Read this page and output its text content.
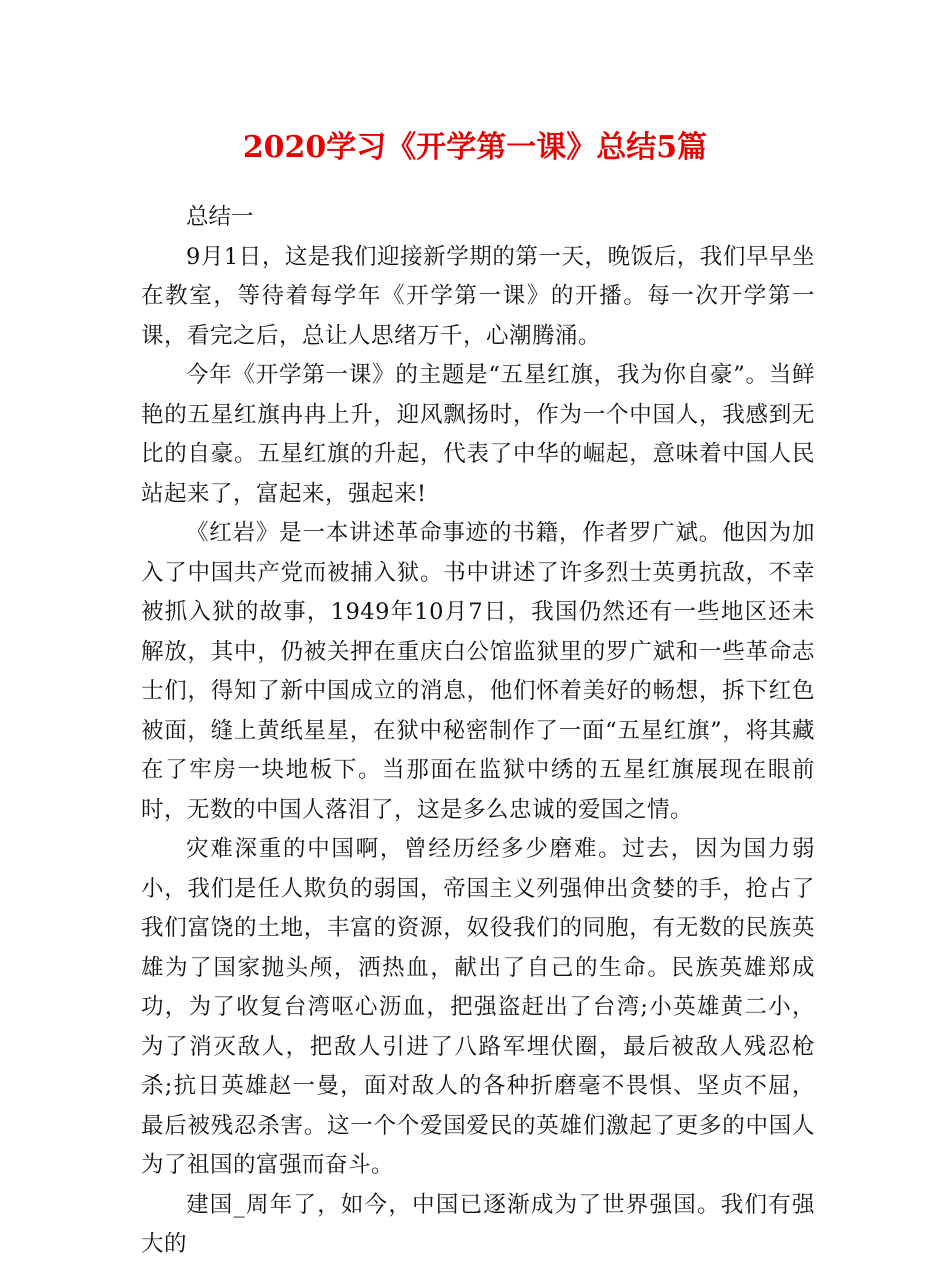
2020学习《开学第一课》总结5篇

总结一

9月1日，这是我们迎接新学期的第一天，晚饭后，我们早早坐在教室，等待着每学年《开学第一课》的开播。每一次开学第一课，看完之后，总让人思绪万千，心潮腾涌。

今年《开学第一课》的主题是“五星红旗，我为你自豪”。当鲜艳的五星红旗冉冉上升，迎风飘扬时，作为一个中国人，我感到无比的自豪。五星红旗的升起，代表了中华的崛起，意味着中国人民站起来了，富起来，强起来!

《红岩》是一本讲述革命事迹的书籍，作者罗广斌。他因为加入了中国共产党而被捕入狱。书中讲述了许多烈士英勇抗敌，不幸被抓入狱的故事，1949年10月7日，我国仍然还有一些地区还未解放，其中，仍被关押在重庆白公馆监狱里的罗广斌和一些革命志士们，得知了新中国成立的消息，他们怀着美好的畅想，拆下红色被面，缝上黄纸星星，在狱中秘密制作了一面“五星红旗”，将其藏在了牢房一块地板下。当那面在监狱中绣的五星红旗展现在眼前时，无数的中国人落泪了，这是多么忠诚的爱国之情。

灾难深重的中国啊，曾经历经多少磨难。过去，因为国力弱小，我们是任人欺负的弱国，帝国主义列强伸出贪婪的手，抢占了我们富饶的土地，丰富的资源，奴役我们的同胞，有无数的民族英雄为了国家抛头颅，洒热血，献出了自己的生命。民族英雄郑成功，为了收复台湾呕心沥血，把强盗赶出了台湾;小英雄黄二小，为了消灭敌人，把敌人引进了八路军埋伏圈，最后被敌人残忍枪杀;抗日英雄赵一曼，面对敌人的各种折磨毫不畏惧、坚贞不屈，最后被残忍杀害。这一个个爱国爱民的英雄们激起了更多的中国人为了祖国的富强而奋斗。

建国_周年了，如今，中国已逐渐成为了世界强国。我们有强大的
